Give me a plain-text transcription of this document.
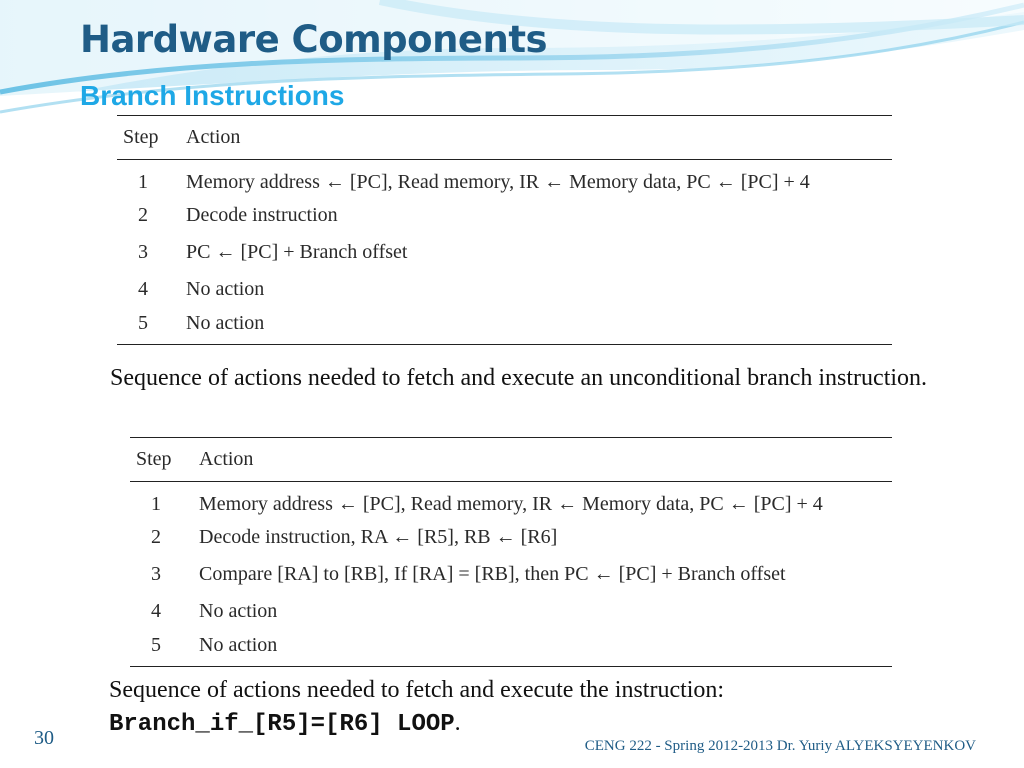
Hardware Components
Branch Instructions
Step	Action
1	Memory address ← [PC], Read memory, IR ← Memory data, PC ← [PC] + 4
2	Decode instruction
3	PC ← [PC] + Branch offset
4	No action
5	No action
Sequence of actions needed to fetch and execute an unconditional branch instruction.
Step	Action
1	Memory address ← [PC], Read memory, IR ← Memory data, PC ← [PC] + 4
2	Decode instruction, RA ← [R5], RB ← [R6]
3	Compare [RA] to [RB], If [RA] = [RB], then PC ← [PC] + Branch offset
4	No action
5	No action
Sequence of actions needed to fetch and execute the instruction:
Branch_if_[R5]=[R6] LOOP.
30	CENG 222 - Spring 2012-2013 Dr. Yuriy ALYEKSYEYENKOV
